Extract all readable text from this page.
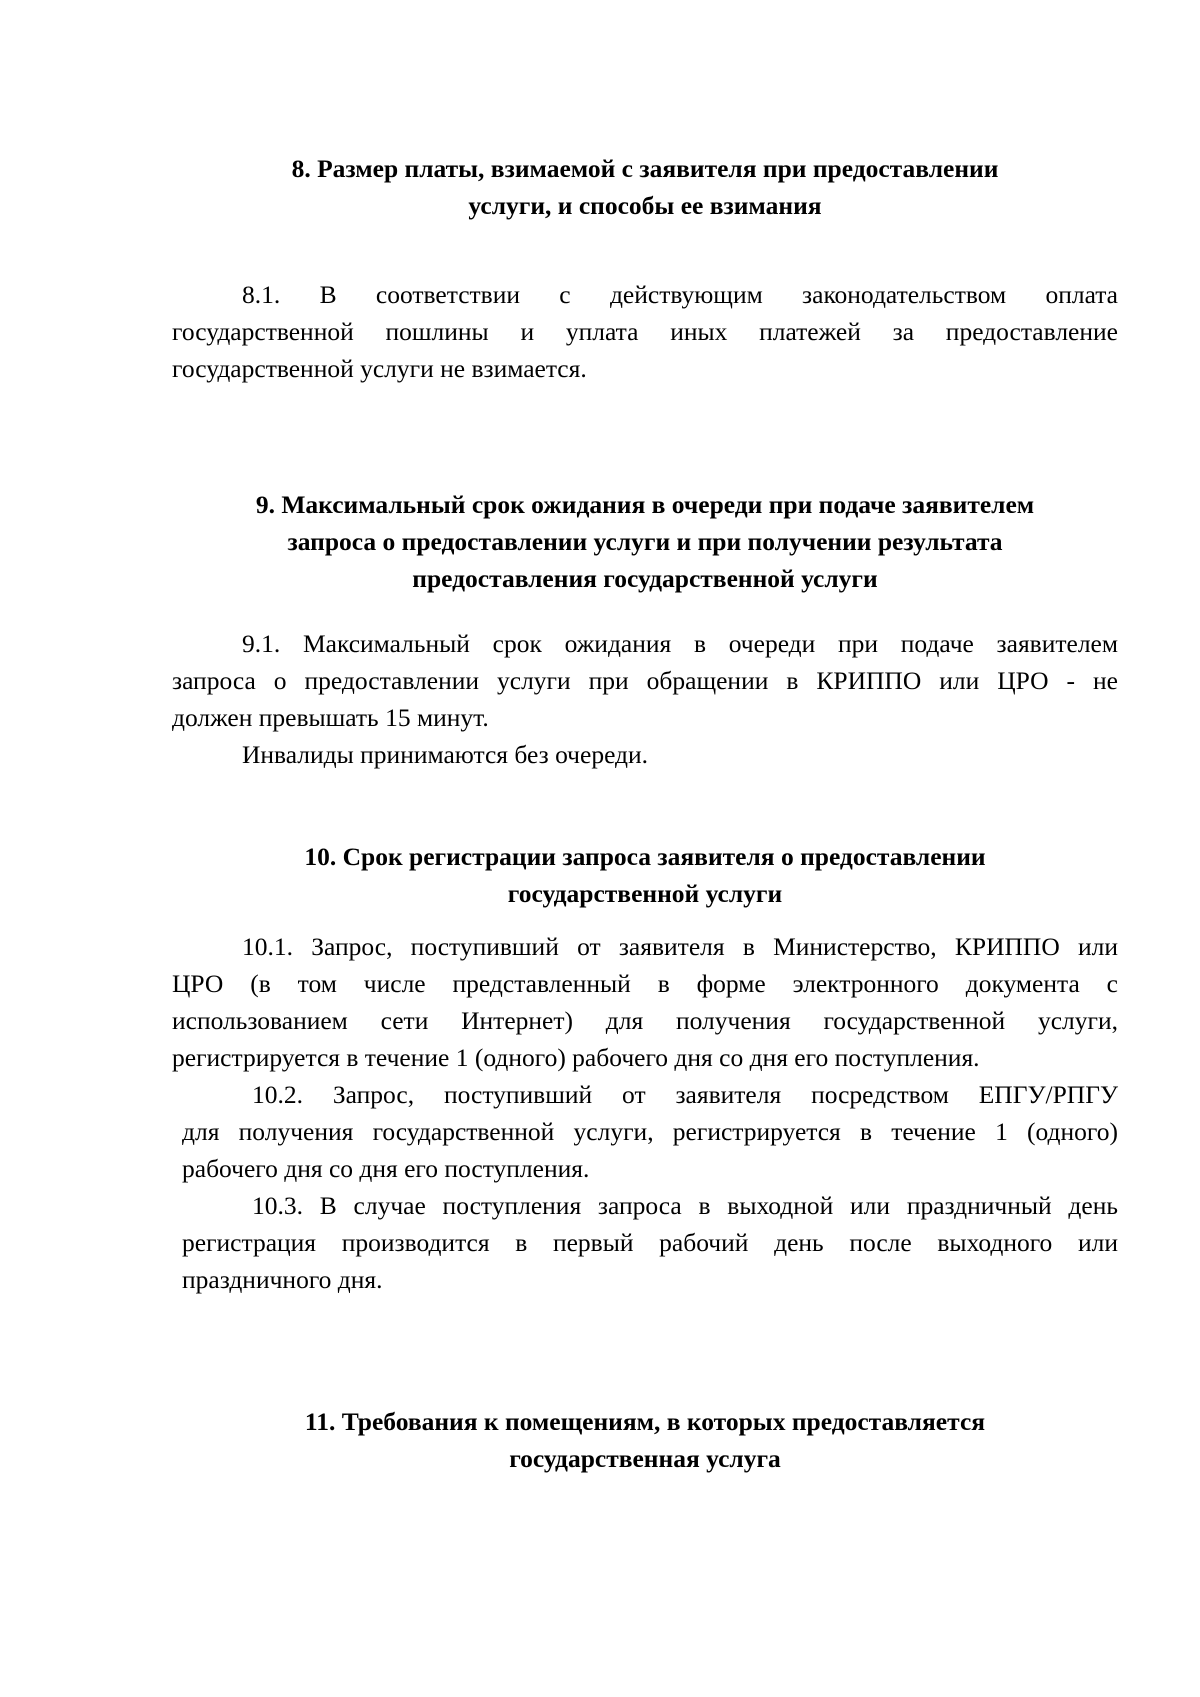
8. Размер платы, взимаемой с заявителя при предоставлении
услуги, и способы ее взимания
8.1. В соответствии с действующим законодательством оплата
государственной пошлины и уплата иных платежей за предоставление
государственной услуги не взимается.
9. Максимальный срок ожидания в очереди при подаче заявителем
запроса о предоставлении услуги и при получении результата
предоставления государственной услуги
9.1. Максимальный срок ожидания в очереди при подаче заявителем
запроса о предоставлении услуги при обращении в КРИППО или ЦРО - не
должен превышать 15 минут.
Инвалиды принимаются без очереди.
10. Срок регистрации запроса заявителя о предоставлении
государственной услуги
10.1. Запрос, поступивший от заявителя в Министерство, КРИППО или
ЦРО (в том числе представленный в форме электронного документа с
использованием сети Интернет) для получения государственной услуги,
регистрируется в течение 1 (одного) рабочего дня со дня его поступления.
10.2. Запрос, поступивший от заявителя посредством ЕПГУ/РПГУ
для получения государственной услуги, регистрируется в течение 1 (одного)
рабочего дня со дня его поступления.
10.3. В случае поступления запроса в выходной или праздничный день
регистрация производится в первый рабочий день после выходного или
праздничного дня.
11. Требования к помещениям, в которых предоставляется
государственная услуга
